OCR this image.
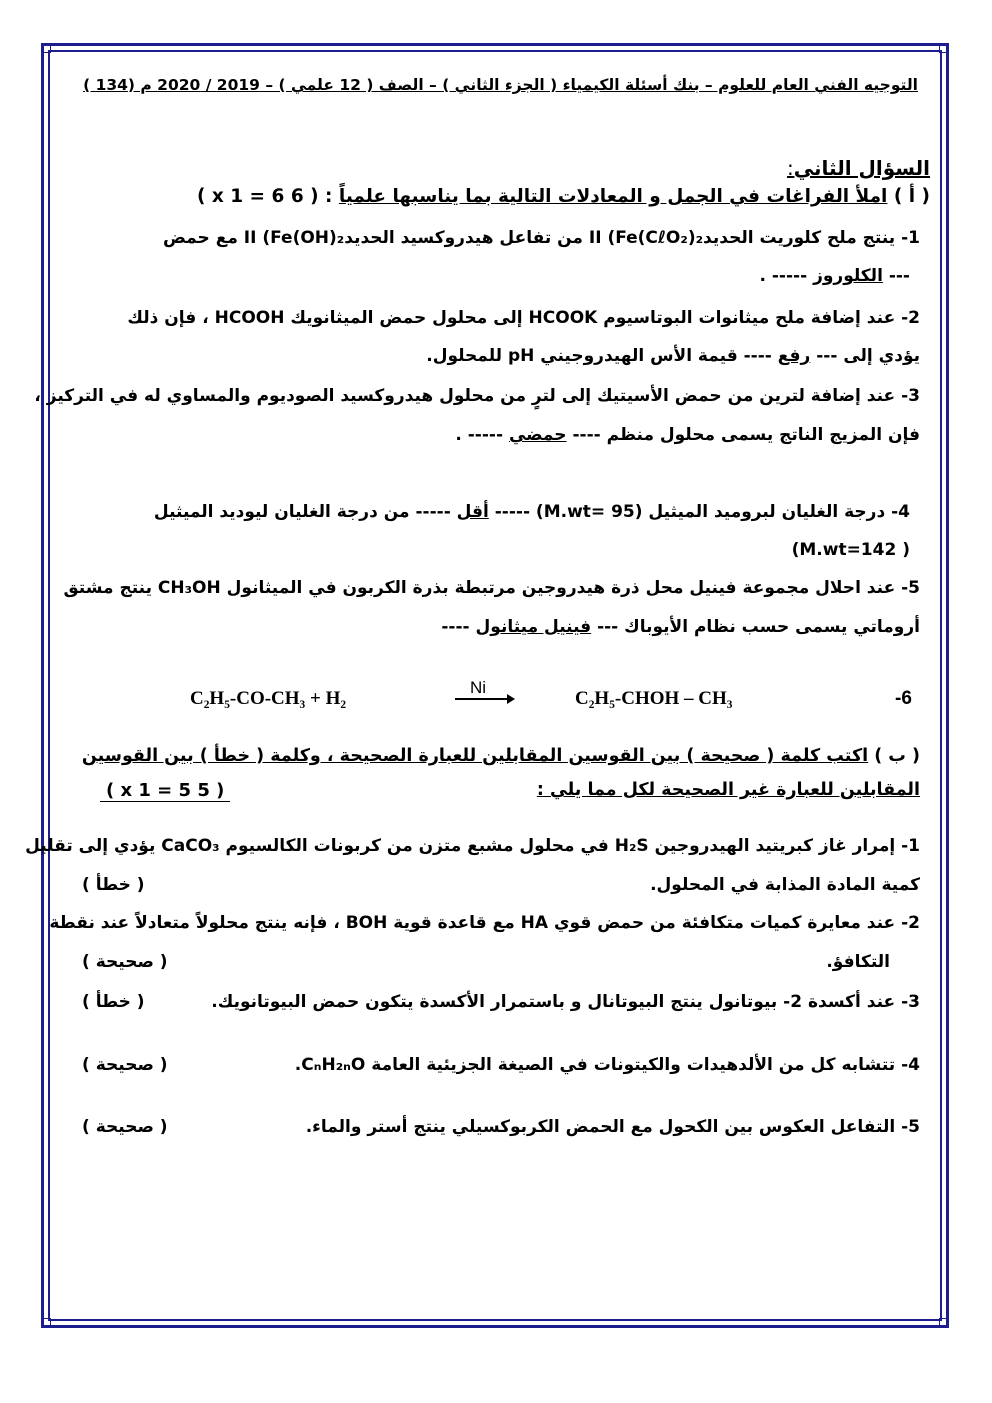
التوجيه الفني العام للعلوم – بنك أسئلة الكيمياء ( الجزء الثاني ) – الصف ( 12 علمي ) – 2019 / 2020 م (134 )
السؤال الثاني:
( أ ) املأ الفراغات في الجمل و المعادلات التالية بما يناسبها علمياً : ( 6 x 1 = 6 )
1- ينتج ملح كلوريت الحديدII (Fe(CℓO₂)₂ من تفاعل هيدروكسيد الحديدII (Fe(OH)₂ مع حمض
--- الكلوروز ----- .
2- عند إضافة ملح ميثانوات البوتاسيوم HCOOK إلى محلول حمض الميثانويك HCOOH ، فإن ذلك
يؤدي إلى --- رفع ---- قيمة الأس الهيدروجيني pH للمحلول.
3- عند إضافة لترين من حمض الأسيتيك إلى لترٍ من محلول هيدروكسيد الصوديوم والمساوي له في التركيز ،
فإن المزيج الناتج يسمى محلول منظم ---- حمضي ----- .
4- درجة الغليان لبروميد الميثيل (M.wt= 95) ----- أقل ----- من درجة الغليان ليوديد الميثيل
( M.wt=142)
5- عند احلال مجموعة فينيل محل ذرة هيدروجين مرتبطة بذرة الكربون في الميثانول CH₃OH ينتج مشتق
أروماتي يسمى حسب نظام الأيوباك --- فينيل ميثانول ----
C₂H₅-CO-CH₃ + H₂
Ni
C₂H₅-CHOH – CH₃	-6
( ب ) اكتب كلمة ( صحيحة ) بين القوسين المقابلين للعبارة الصحيحة ، وكلمة ( خطأ ) بين القوسين
المقابلين للعبارة غير الصحيحة لكل مما يلي :
( 5 x 1 = 5 )
1- إمرار غاز كبريتيد الهيدروجين H₂S في محلول مشبع متزن من كربونات الكالسيوم CaCO₃ يؤدي إلى تقليل
كمية المادة المذابة في المحلول.
( خطأ )
2- عند معايرة كميات متكافئة من حمض قوي HA مع قاعدة قوية BOH ، فإنه ينتج محلولاً متعادلاً عند نقطة
التكافؤ.
( صحيحة )
3- عند أكسدة 2- بيوتانول ينتج البيوتانال و باستمرار الأكسدة يتكون حمض البيوتانويك.
( خطأ )
4- تتشابه كل من الألدهيدات والكيتونات في الصيغة الجزيئية العامة CₙH₂ₙO.
( صحيحة )
5- التفاعل العكوس بين الكحول مع الحمض الكربوكسيلي ينتج أستر والماء.
( صحيحة )
